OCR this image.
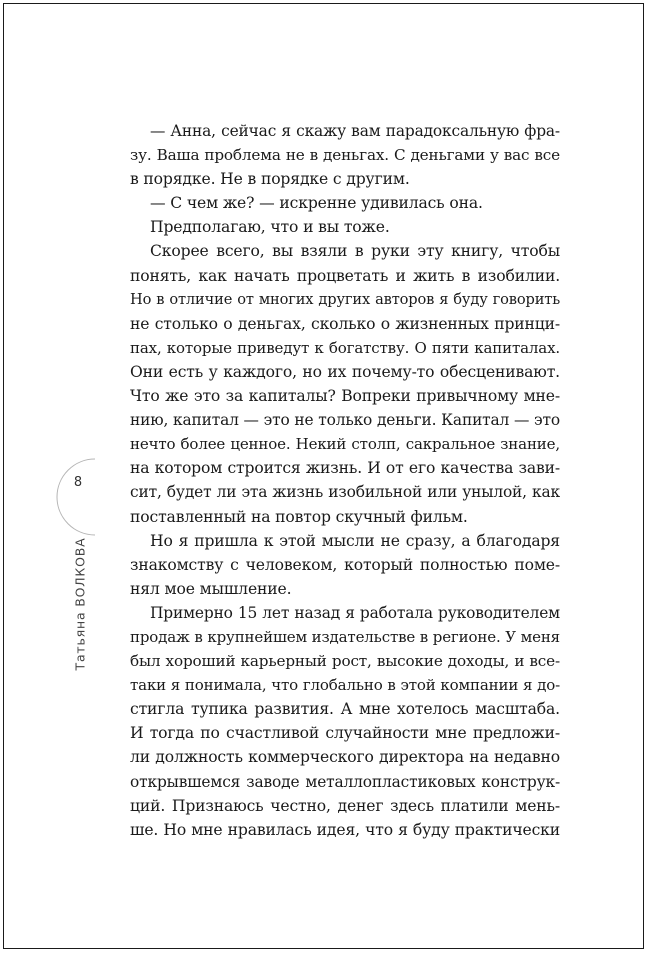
8
Татьяна ВОЛКОВА
— Анна, сейчас я скажу вам парадоксальную фра-
зу. Ваша проблема не в деньгах. С деньгами у вас все
в порядке. Не в порядке с другим.
— С чем же? — искренне удивилась она.
Предполагаю, что и вы тоже.
Скорее всего, вы взяли в руки эту книгу, чтобы
понять, как начать процветать и жить в изобилии.
Но в отличие от многих других авторов я буду говорить
не столько о деньгах, сколько о жизненных принци-
пах, которые приведут к богатству. О пяти капиталах.
Они есть у каждого, но их почему-то обесценивают.
Что же это за капиталы? Вопреки привычному мне-
нию, капитал — это не только деньги. Капитал — это
нечто более ценное. Некий столп, сакральное знание,
на котором строится жизнь. И от его качества зави-
сит, будет ли эта жизнь изобильной или унылой, как
поставленный на повтор скучный фильм.
Но я пришла к этой мысли не сразу, а благодаря
знакомству с человеком, который полностью поме-
нял мое мышление.
Примерно 15 лет назад я работала руководителем
продаж в крупнейшем издательстве в регионе. У меня
был хороший карьерный рост, высокие доходы, и все-
таки я понимала, что глобально в этой компании я до-
стигла тупика развития. А мне хотелось масштаба.
И тогда по счастливой случайности мне предложи-
ли должность коммерческого директора на недавно
открывшемся заводе металлопластиковых конструк-
ций. Признаюсь честно, денег здесь платили мень-
ше. Но мне нравилась идея, что я буду практически
